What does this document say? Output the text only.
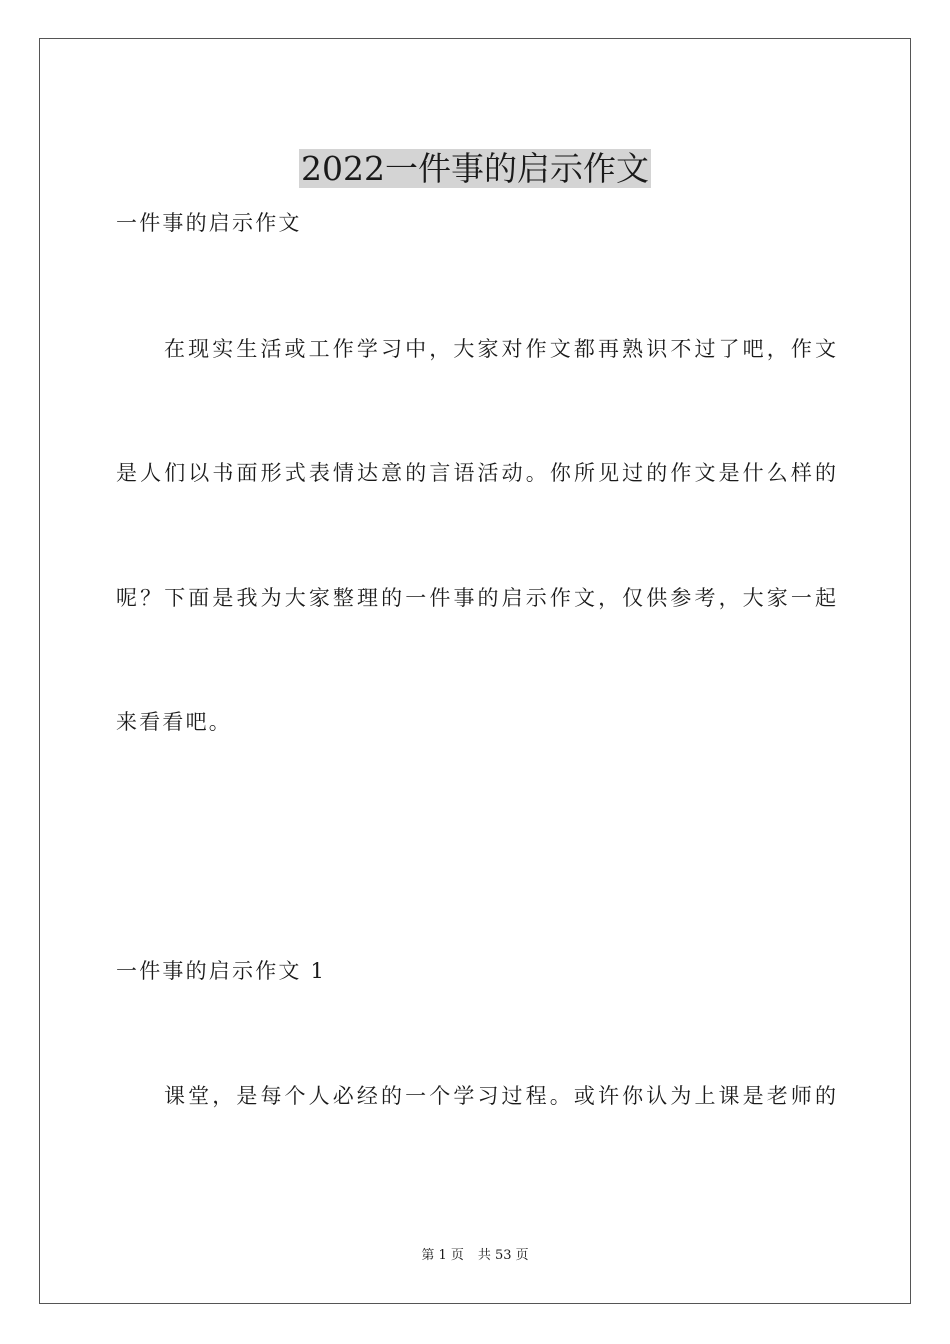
2022一件事的启示作文
一件事的启示作文
在现实生活或工作学习中，大家对作文都再熟识不过了吧，作文
是人们以书面形式表情达意的言语活动。你所见过的作文是什么样的
呢？下面是我为大家整理的一件事的启示作文，仅供参考，大家一起
来看看吧。
一件事的启示作文 1
课堂，是每个人必经的一个学习过程。或许你认为上课是老师的
第 1 页 共 53 页
